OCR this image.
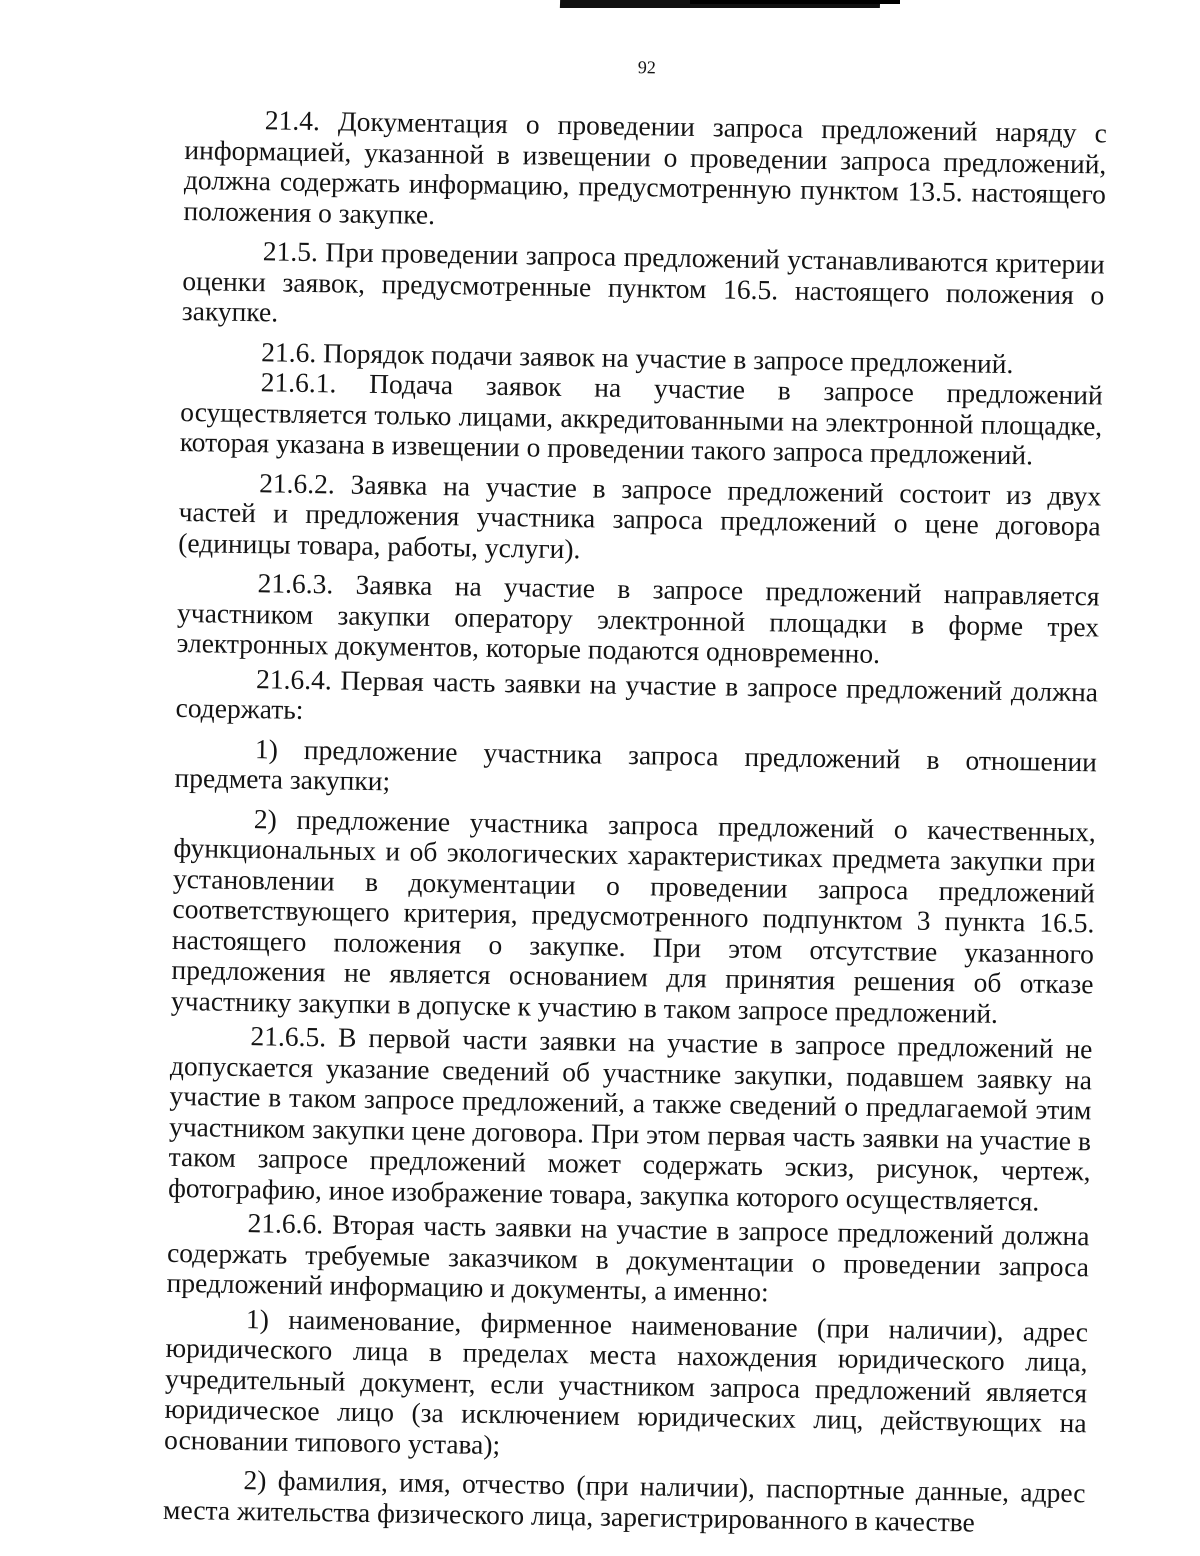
92

21.4. Документация о проведении запроса предложений наряду с информацией, указанной в извещении о проведении запроса предложений, должна содержать информацию, предусмотренную пунктом 13.5. настоящего положения о закупке.

21.5. При проведении запроса предложений устанавливаются критерии оценки заявок, предусмотренные пунктом 16.5. настоящего положения о закупке.

21.6. Порядок подачи заявок на участие в запросе предложений.

21.6.1. Подача заявок на участие в запросе предложений осуществляется только лицами, аккредитованными на электронной площадке, которая указана в извещении о проведении такого запроса предложений.

21.6.2. Заявка на участие в запросе предложений состоит из двух частей и предложения участника запроса предложений о цене договора (единицы товара, работы, услуги).

21.6.3. Заявка на участие в запросе предложений направляется участником закупки оператору электронной площадки в форме трех электронных документов, которые подаются одновременно.

21.6.4. Первая часть заявки на участие в запросе предложений должна содержать:

1) предложение участника запроса предложений в отношении предмета закупки;

2) предложение участника запроса предложений о качественных, функциональных и об экологических характеристиках предмета закупки при установлении в документации о проведении запроса предложений соответствующего критерия, предусмотренного подпунктом 3 пункта 16.5. настоящего положения о закупке. При этом отсутствие указанного предложения не является основанием для принятия решения об отказе участнику закупки в допуске к участию в таком запросе предложений.

21.6.5. В первой части заявки на участие в запросе предложений не допускается указание сведений об участнике закупки, подавшем заявку на участие в таком запросе предложений, а также сведений о предлагаемой этим участником закупки цене договора. При этом первая часть заявки на участие в таком запросе предложений может содержать эскиз, рисунок, чертеж, фотографию, иное изображение товара, закупка которого осуществляется.

21.6.6. Вторая часть заявки на участие в запросе предложений должна содержать требуемые заказчиком в документации о проведении запроса предложений информацию и документы, а именно:

1) наименование, фирменное наименование (при наличии), адрес юридического лица в пределах места нахождения юридического лица, учредительный документ, если участником запроса предложений является юридическое лицо (за исключением юридических лиц, действующих на основании типового устава);

2) фамилия, имя, отчество (при наличии), паспортные данные, адрес места жительства физического лица, зарегистрированного в качестве
